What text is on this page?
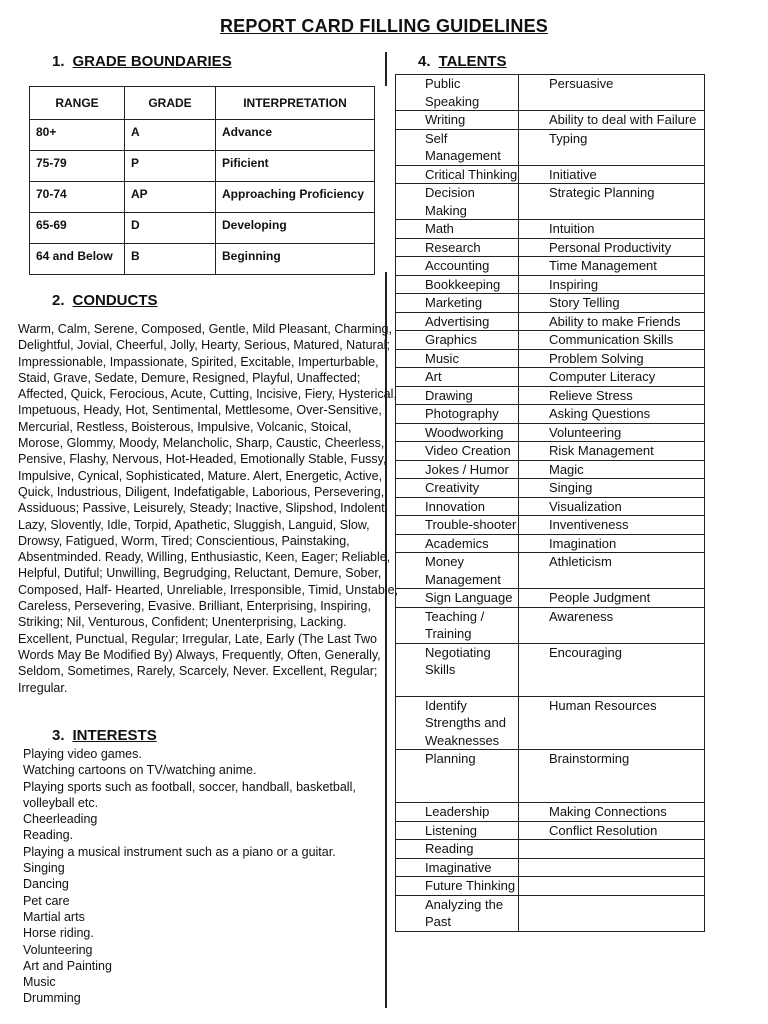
REPORT CARD FILLING GUIDELINES
1. GRADE BOUNDARIES
RANGE	GRADE	INTERPRETATION
80+	A	Advance
75-79	P	Pificient
70-74	AP	Approaching Proficiency
65-69	D	Developing
64 and Below	B	Beginning
2. CONDUCTS
Warm, Calm, Serene, Composed, Gentle, Mild Pleasant, Charming, Delightful, Jovial, Cheerful, Jolly, Hearty, Serious, Matured, Natural; Impressionable, Impassionate, Spirited, Excitable, Imperturbable, Staid, Grave, Sedate, Demure, Resigned, Playful, Unaffected; Affected, Quick, Ferocious, Acute, Cutting, Incisive, Fiery, Hysterical, Impetuous, Heady, Hot, Sentimental, Mettlesome, Over-Sensitive, Mercurial, Restless, Boisterous, Impulsive, Volcanic, Stoical, Morose, Glommy, Moody, Melancholic, Sharp, Caustic, Cheerless, Pensive, Flashy, Nervous, Hot-Headed, Emotionally Stable, Fussy, Impulsive, Cynical, Sophisticated, Mature. Alert, Energetic, Active, Quick, Industrious, Diligent, Indefatigable, Laborious, Persevering, Assiduous; Passive, Leisurely, Steady; Inactive, Slipshod, Indolent, Lazy, Slovently, Idle, Torpid, Apathetic, Sluggish, Languid, Slow, Drowsy, Fatigued, Worm, Tired; Conscientious, Painstaking, Absentminded. Ready, Willing, Enthusiastic, Keen, Eager; Reliable, Helpful, Dutiful; Unwilling, Begrudging, Reluctant, Demure, Sober, Composed, Half- Hearted, Unreliable, Irresponsible, Timid, Unstable, Careless, Persevering, Evasive. Brilliant, Enterprising, Inspiring, Striking; Nil, Venturous, Confident; Unenterprising, Lacking. Excellent, Punctual, Regular; Irregular, Late, Early (The Last Two Words May Be Modified By) Always, Frequently, Often, Generally, Seldom, Sometimes, Rarely, Scarcely, Never. Excellent, Regular; Irregular.
3. INTERESTS
Playing video games.
Watching cartoons on TV/watching anime.
Playing sports such as football, soccer, handball, basketball,
volleyball etc.
Cheerleading
Reading.
Playing a musical instrument such as a piano or a guitar.
Singing
Dancing
Pet care
Martial arts
Horse riding.
Volunteering
Art and Painting
Music
Drumming
4. TALENTS
Public Speaking	Persuasive
Writing	Ability to deal with Failure
Self Management	Typing
Critical Thinking	Initiative
Decision Making	Strategic Planning
Math	Intuition
Research	Personal Productivity
Accounting	Time Management
Bookkeeping	Inspiring
Marketing	Story Telling
Advertising	Ability to make Friends
Graphics	Communication Skills
Music	Problem Solving
Art	Computer Literacy
Drawing	Relieve Stress
Photography	Asking Questions
Woodworking	Volunteering
Video Creation	Risk Management
Jokes / Humor	Magic
Creativity	Singing
Innovation	Visualization
Trouble-shooter	Inventiveness
Academics	Imagination
Money Management	Athleticism
Sign Language	People Judgment
Teaching / Training	Awareness
Negotiating Skills	Encouraging
Identify Strengths and Weaknesses	Human Resources
Planning	Brainstorming
Leadership	Making Connections
Listening	Conflict Resolution
Reading	
Imaginative	
Future Thinking	
Analyzing the Past	
